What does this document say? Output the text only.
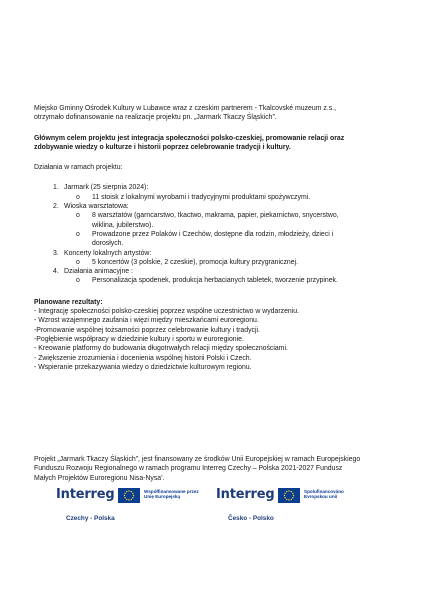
Miejsko Gminny Ośrodek Kultury w Lubawce wraz z czeskim partnerem - Tkalcovské muzeum z.s., otrzymało dofinansowanie na realizacje projektu pn. „Jarmark Tkaczy Śląskich”.

Głównym celem projektu jest integracja społeczności polsko-czeskiej, promowanie relacji oraz zdobywanie wiedzy o kulturze i historii poprzez celebrowanie tradycji i kultury.

Działania w ramach projektu:

1. Jarmark (25 sierpnia 2024):
o 11 stoisk z lokalnymi wyrobami i tradycyjnymi produktami spożywczymi.
2. Wioska warsztatowa:
o 8 warsztatów (garncarstwo, tkactwo, makrama, papier, piekarnictwo, snycerstwo, wiklina, jubilerstwo).
o Prowadzone przez Polaków i Czechów, dostępne dla rodzin, młodzieży, dzieci i dorosłych.
3. Koncerty lokalnych artystów:
o 5 koncertów (3 polskie, 2 czeskie), promocja kultury przygranicznej.
4. Działania animacyjne :
o Personalizacja spodenek, produkcja herbacianych tabletek, tworzenie przypinek.

Planowane rezultaty:

- Integrację społeczności polsko-czeskiej poprzez wspólne uczestnictwo w wydarzeniu.

- Wzrost wzajemnego zaufania i więzi między mieszkańcami euroregionu.

-Promowanie wspólnej tożsamości poprzez celebrowanie kultury i tradycji.

-Pogłębienie współpracy w dziedzinie kultury i sportu w euroregionie.

- Kreowanie platformy do budowania długotrwałych relacji między społecznościami.

- Zwiększenie zrozumienia i docenienia wspólnej historii Polski i Czech.

- Wspieranie przekazywania wiedzy o dziedzictwie kulturowym regionu.

Projekt „Jarmark Tkaczy Śląskich”, jest finansowany ze środków Unii Europejskiej w ramach Europejskiego Funduszu Rozwoju Regionalnego w ramach programu Interreg Czechy – Polska 2021-2027 Fundusz Małych Projektów Euroregionu Nisa-Nysa’.

Interreg	Współfinansowane przez Unię Europejską
Czechy - Polska
Interreg	Spolufinancováno Evropskou unií
Česko - Polsko
